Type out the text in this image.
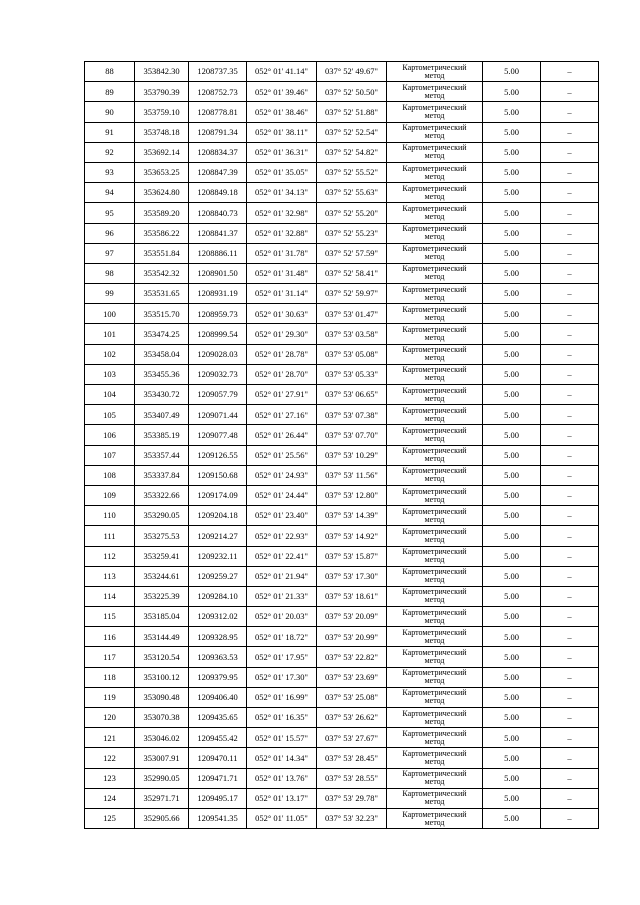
88	353842.30	1208737.35	052° 01' 41.14"	037° 52' 49.67"	Картометрический
метод	5.00	–
89	353790.39	1208752.73	052° 01' 39.46"	037° 52' 50.50"	Картометрический
метод	5.00	–
90	353759.10	1208778.81	052° 01' 38.46"	037° 52' 51.88"	Картометрический
метод	5.00	–
91	353748.18	1208791.34	052° 01' 38.11"	037° 52' 52.54"	Картометрический
метод	5.00	–
92	353692.14	1208834.37	052° 01' 36.31"	037° 52' 54.82"	Картометрический
метод	5.00	–
93	353653.25	1208847.39	052° 01' 35.05"	037° 52' 55.52"	Картометрический
метод	5.00	–
94	353624.80	1208849.18	052° 01' 34.13"	037° 52' 55.63"	Картометрический
метод	5.00	–
95	353589.20	1208840.73	052° 01' 32.98"	037° 52' 55.20"	Картометрический
метод	5.00	–
96	353586.22	1208841.37	052° 01' 32.88"	037° 52' 55.23"	Картометрический
метод	5.00	–
97	353551.84	1208886.11	052° 01' 31.78"	037° 52' 57.59"	Картометрический
метод	5.00	–
98	353542.32	1208901.50	052° 01' 31.48"	037° 52' 58.41"	Картометрический
метод	5.00	–
99	353531.65	1208931.19	052° 01' 31.14"	037° 52' 59.97"	Картометрический
метод	5.00	–
100	353515.70	1208959.73	052° 01' 30.63"	037° 53' 01.47"	Картометрический
метод	5.00	–
101	353474.25	1208999.54	052° 01' 29.30"	037° 53' 03.58"	Картометрический
метод	5.00	–
102	353458.04	1209028.03	052° 01' 28.78"	037° 53' 05.08"	Картометрический
метод	5.00	–
103	353455.36	1209032.73	052° 01' 28.70"	037° 53' 05.33"	Картометрический
метод	5.00	–
104	353430.72	1209057.79	052° 01' 27.91"	037° 53' 06.65"	Картометрический
метод	5.00	–
105	353407.49	1209071.44	052° 01' 27.16"	037° 53' 07.38"	Картометрический
метод	5.00	–
106	353385.19	1209077.48	052° 01' 26.44"	037° 53' 07.70"	Картометрический
метод	5.00	–
107	353357.44	1209126.55	052° 01' 25.56"	037° 53' 10.29"	Картометрический
метод	5.00	–
108	353337.84	1209150.68	052° 01' 24.93"	037° 53' 11.56"	Картометрический
метод	5.00	–
109	353322.66	1209174.09	052° 01' 24.44"	037° 53' 12.80"	Картометрический
метод	5.00	–
110	353290.05	1209204.18	052° 01' 23.40"	037° 53' 14.39"	Картометрический
метод	5.00	–
111	353275.53	1209214.27	052° 01' 22.93"	037° 53' 14.92"	Картометрический
метод	5.00	–
112	353259.41	1209232.11	052° 01' 22.41"	037° 53' 15.87"	Картометрический
метод	5.00	–
113	353244.61	1209259.27	052° 01' 21.94"	037° 53' 17.30"	Картометрический
метод	5.00	–
114	353225.39	1209284.10	052° 01' 21.33"	037° 53' 18.61"	Картометрический
метод	5.00	–
115	353185.04	1209312.02	052° 01' 20.03"	037° 53' 20.09"	Картометрический
метод	5.00	–
116	353144.49	1209328.95	052° 01' 18.72"	037° 53' 20.99"	Картометрический
метод	5.00	–
117	353120.54	1209363.53	052° 01' 17.95"	037° 53' 22.82"	Картометрический
метод	5.00	–
118	353100.12	1209379.95	052° 01' 17.30"	037° 53' 23.69"	Картометрический
метод	5.00	–
119	353090.48	1209406.40	052° 01' 16.99"	037° 53' 25.08"	Картометрический
метод	5.00	–
120	353070.38	1209435.65	052° 01' 16.35"	037° 53' 26.62"	Картометрический
метод	5.00	–
121	353046.02	1209455.42	052° 01' 15.57"	037° 53' 27.67"	Картометрический
метод	5.00	–
122	353007.91	1209470.11	052° 01' 14.34"	037° 53' 28.45"	Картометрический
метод	5.00	–
123	352990.05	1209471.71	052° 01' 13.76"	037° 53' 28.55"	Картометрический
метод	5.00	–
124	352971.71	1209495.17	052° 01' 13.17"	037° 53' 29.78"	Картометрический
метод	5.00	–
125	352905.66	1209541.35	052° 01' 11.05"	037° 53' 32.23"	Картометрический
метод	5.00	–
